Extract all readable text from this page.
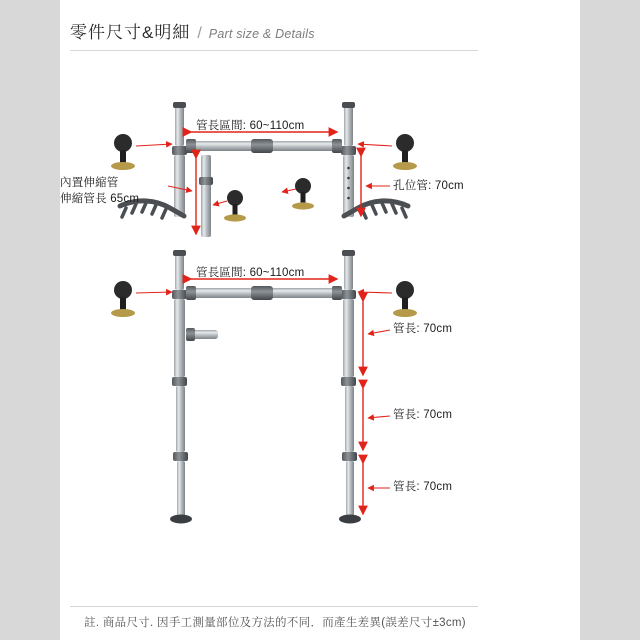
零件尺寸&明細 / Part size & Details
管長區間: 60~110cm
內置伸縮管
伸縮管長 65cm
孔位管: 70cm
管長區間: 60~110cm
管長: 70cm
管長: 70cm
管長: 70cm
註. 商品尺寸. 因手工測量部位及方法的不同．而產生差異(誤差尺寸±3cm)
